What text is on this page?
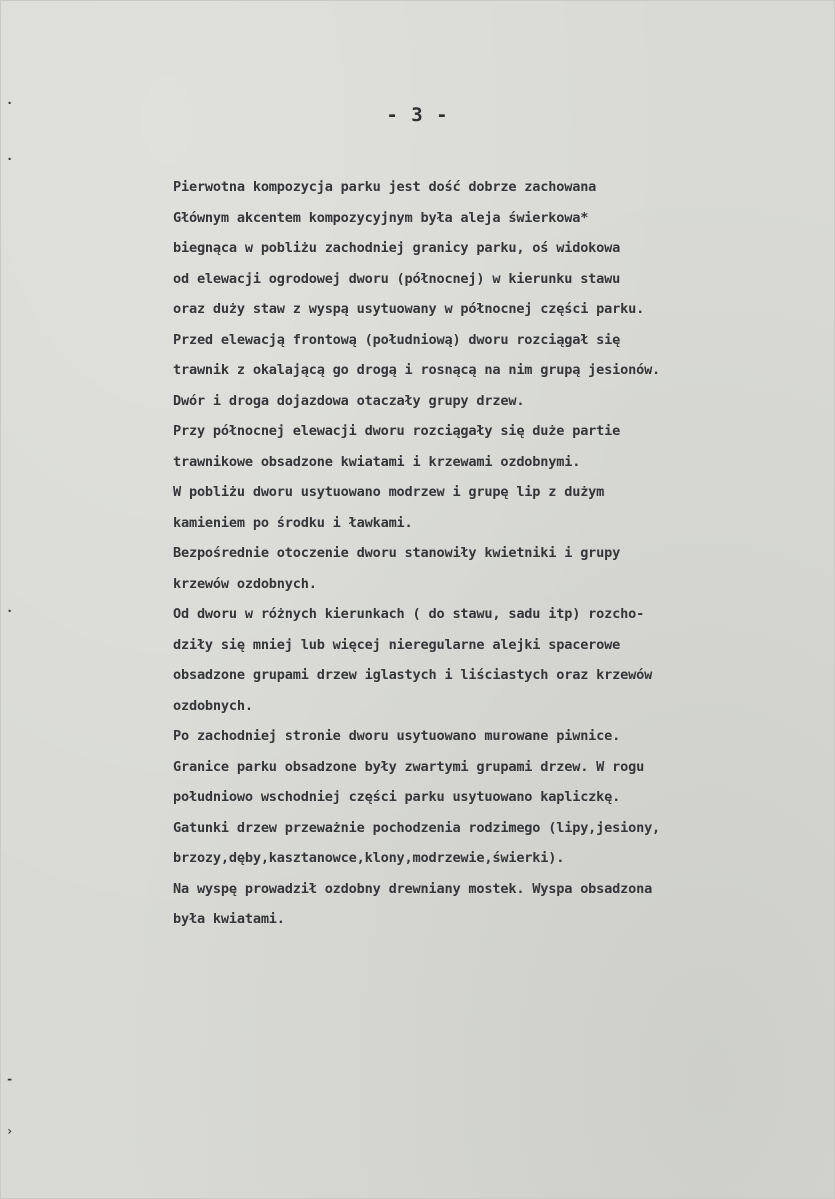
- 3 -
·
·
·
-
›
Pierwotna kompozycja parku jest dość dobrze zachowana
Głównym akcentem kompozycyjnym była aleja świerkowa*
biegnąca w pobliżu zachodniej granicy parku, oś widokowa
od elewacji ogrodowej dworu (północnej) w kierunku stawu
oraz duży staw z wyspą usytuowany w północnej części parku.
Przed elewacją frontową (południową) dworu rozciągał się
trawnik z okalającą go drogą i rosnącą na nim grupą jesionów.
Dwór i droga dojazdowa otaczały grupy drzew.
Przy północnej elewacji dworu rozciągały się duże partie
trawnikowe obsadzone kwiatami i krzewami ozdobnymi.
W pobliżu dworu usytuowano modrzew i grupę lip z dużym
kamieniem po środku i ławkami.
Bezpośrednie otoczenie dworu stanowiły kwietniki i grupy
krzewów ozdobnych.
Od dworu w różnych kierunkach ( do stawu, sadu itp) rozcho-
dziły się mniej lub więcej nieregularne alejki spacerowe
obsadzone grupami drzew iglastych i liściastych oraz krzewów
ozdobnych.
Po zachodniej stronie dworu usytuowano murowane piwnice.
Granice parku obsadzone były zwartymi grupami drzew. W rogu
południowo wschodniej części parku usytuowano kapliczkę.
Gatunki drzew przeważnie pochodzenia rodzimego (lipy,jesiony,
brzozy,dęby,kasztanowce,klony,modrzewie,świerki).
Na wyspę prowadził ozdobny drewniany mostek. Wyspa obsadzona
była kwiatami.
